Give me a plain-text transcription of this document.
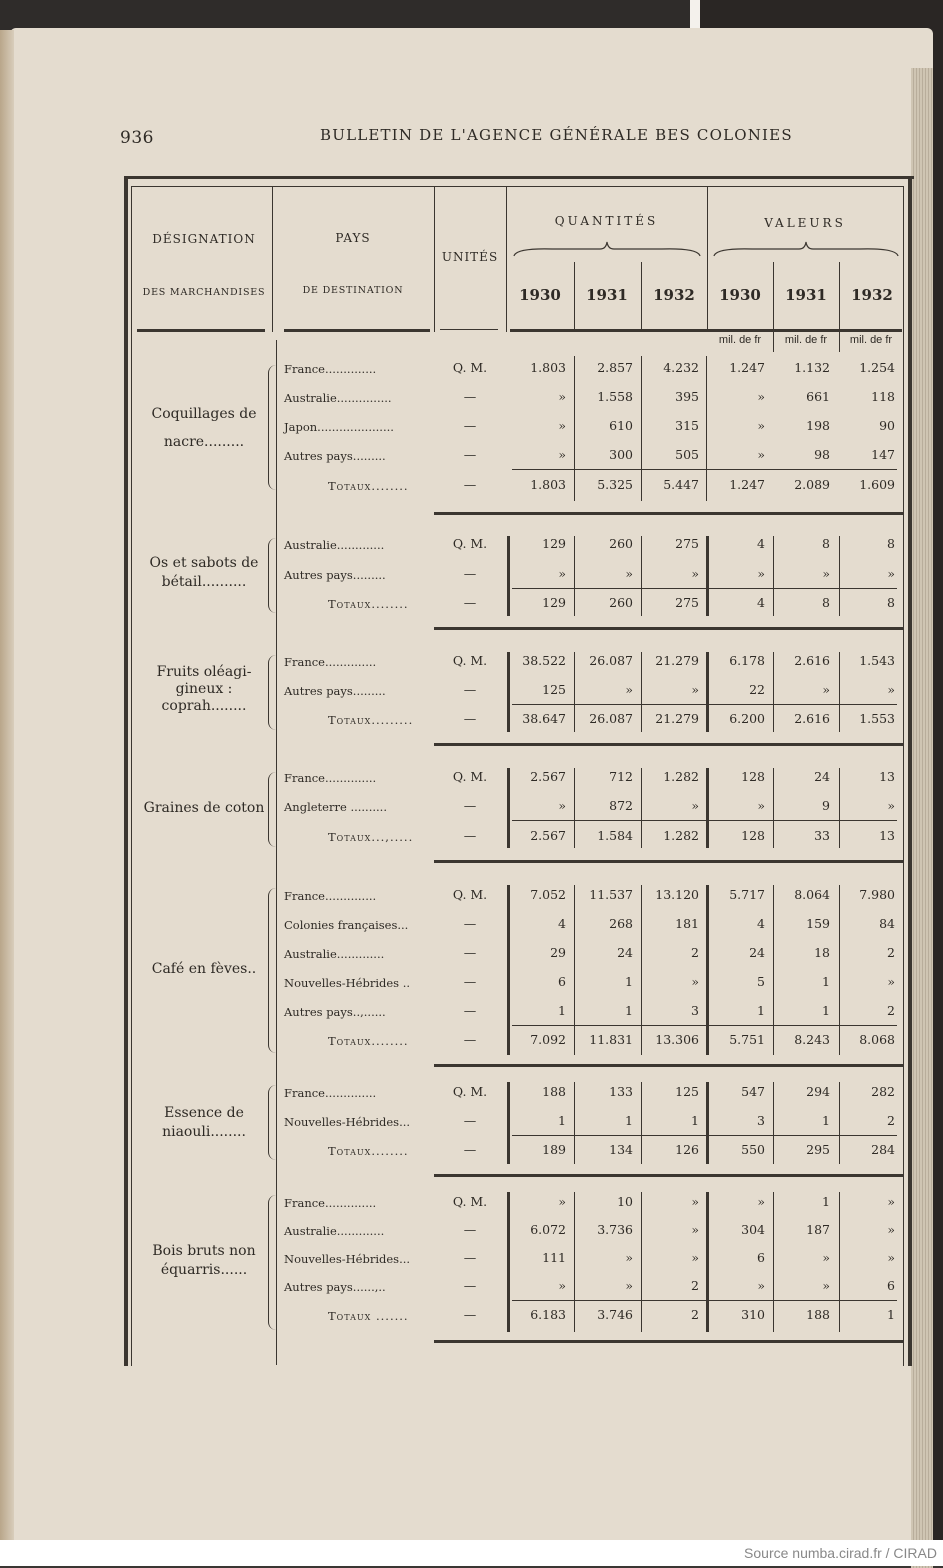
936	BULLETIN DE L'AGENCE GÉNÉRALE BES COLONIES
DÉSIGNATION
DES MARCHANDISES
PAYS
DE DESTINATION
UNITÉS
QUANTITÉS	VALEURS
1930	1931	1932	1930	1931	1932
mil. de fr	mil. de fr	mil. de fr
Coquillages de
nacre.........
France..............	Q. M.	1.803	2.857	4.232	1.247	1.132	1.254
Australie...............	—	»	1.558	395	»	661	118
Japon.....................	—	»	610	315	»	198	90
Autres pays.........	—	»	300	505	»	98	147
Totaux........	—	1.803	5.325	5.447	1.247	2.089	1.609
Os et sabots de
bétail..........
Australie.............	Q. M.	129	260	275	4	8	8
Autres pays.........	—	»	»	»	»	»	»
Totaux........	—	129	260	275	4	8	8
Fruits oléagi-
gineux :
coprah........
France..............	Q. M.	38.522	26.087	21.279	6.178	2.616	1.543
Autres pays.........	—	125	»	»	22	»	»
Totaux.........	—	38.647	26.087	21.279	6.200	2.616	1.553
Graines de coton
France..............	Q. M.	2.567	712	1.282	128	24	13
Angleterre ..........	—	»	872	»	»	9	»
Totaux...,.....	—	2.567	1.584	1.282	128	33	13
Café en fèves..
France..............	Q. M.	7.052	11.537	13.120	5.717	8.064	7.980
Colonies françaises...	—	4	268	181	4	159	84
Australie.............	—	29	24	2	24	18	2
Nouvelles-Hébrides ..	—	6	1	»	5	1	»
Autres pays..,......	—	1	1	3	1	1	2
Totaux........	—	7.092	11.831	13.306	5.751	8.243	8.068
Essence de
niaouli........
France..............	Q. M.	188	133	125	547	294	282
Nouvelles-Hébrides...	—	1	1	1	3	1	2
Totaux........	—	189	134	126	550	295	284
Bois bruts non
équarris......
France..............	Q. M.	»	10	»	»	1	»
Australie.............	—	6.072	3.736	»	304	187	»
Nouvelles-Hébrides...	—	111	»	»	6	»	»
Autres pays......,..	—	»	»	2	»	»	6
Totaux .......	—	6.183	3.746	2	310	188	1
Source numba.cirad.fr / CIRAD
